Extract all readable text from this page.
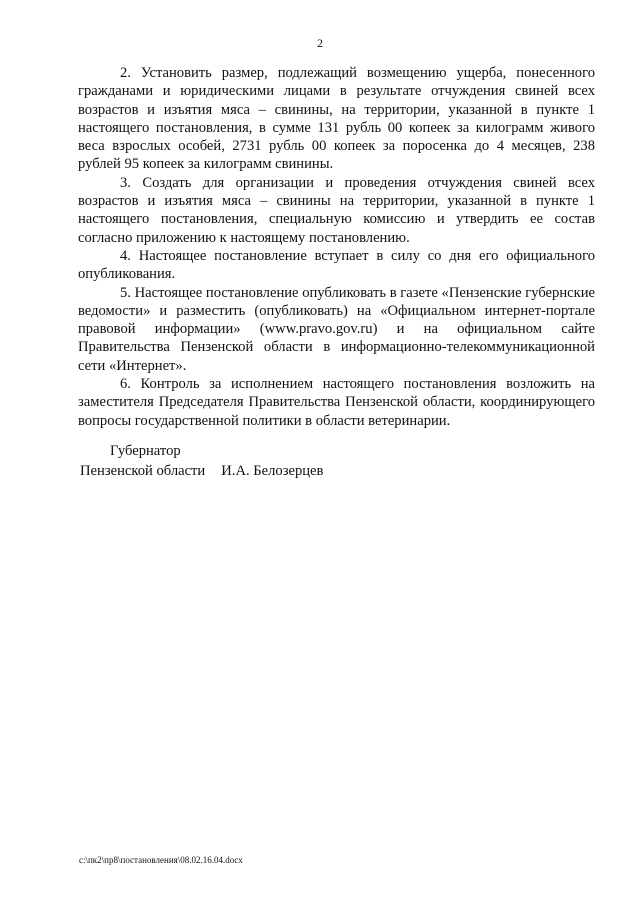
2

2. Установить размер, подлежащий возмещению ущерба, понесенного гражданами и юридическими лицами в результате отчуждения свиней всех возрастов и изъятия мяса – свинины, на территории, указанной в пункте 1 настоящего постановления, в сумме 131 рубль 00 копеек за килограмм живого веса взрослых особей, 2731 рубль 00 копеек за поросенка до 4 месяцев, 238 рублей 95 копеек за килограмм свинины.

3. Создать для организации и проведения отчуждения свиней всех возрастов и изъятия мяса – свинины на территории, указанной в пункте 1 настоящего постановления, специальную комиссию и утвердить ее состав согласно приложению к настоящему постановлению.

4. Настоящее постановление вступает в силу со дня его официального опубликования.

5. Настоящее постановление опубликовать в газете «Пензенские губернские ведомости» и разместить (опубликовать) на «Официальном интернет-портале правовой информации» (www.pravo.gov.ru) и на официальном сайте Правительства Пензенской области в информационно-телекоммуникационной сети «Интернет».

6. Контроль за исполнением настоящего постановления возложить на заместителя Председателя Правительства Пензенской области, координирующего вопросы государственной политики в области ветеринарии.

Губернатор
Пензенской области И.А. Белозерцев
c:\пк2\пр8\постановления\08.02.16.04.docx
